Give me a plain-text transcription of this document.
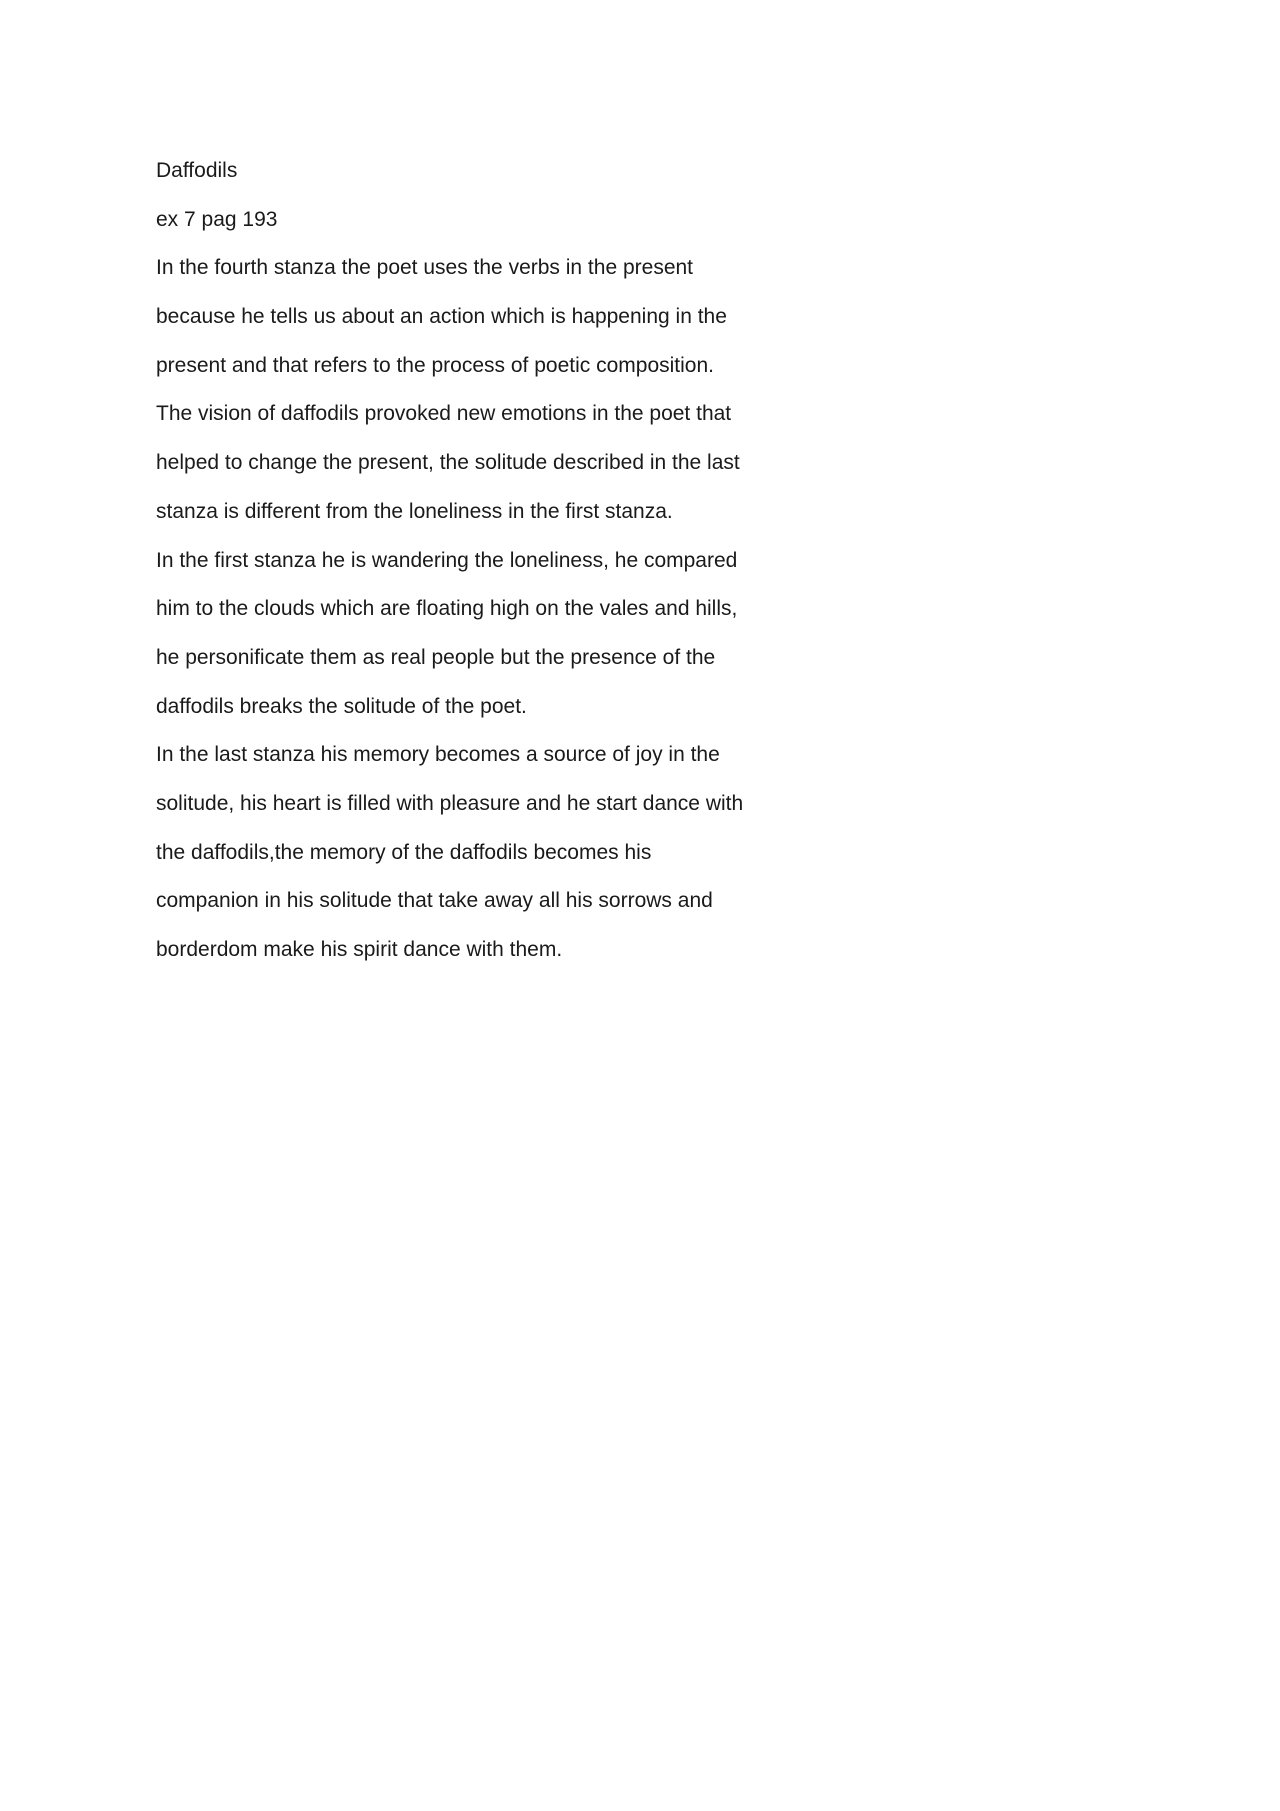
Daffodils
ex 7 pag 193
In the fourth stanza the poet uses the verbs in the present
because he tells us about an action which is happening in the
present and that refers to the process of poetic composition.
The vision of daffodils provoked new emotions in the poet that
helped to change the present, the solitude described in the last
stanza is different from the loneliness in the first stanza.
In the first stanza he is wandering the loneliness, he compared
him to the clouds which are floating high on the vales and hills,
he personificate them as real people but the presence of the
daffodils breaks the solitude of the poet.
In the last stanza his memory becomes a source of joy in the
solitude, his heart is filled with pleasure and he start dance with
the daffodils,the memory of the daffodils becomes his
companion in his solitude that take away all his sorrows and
borderdom make his spirit dance with them.
